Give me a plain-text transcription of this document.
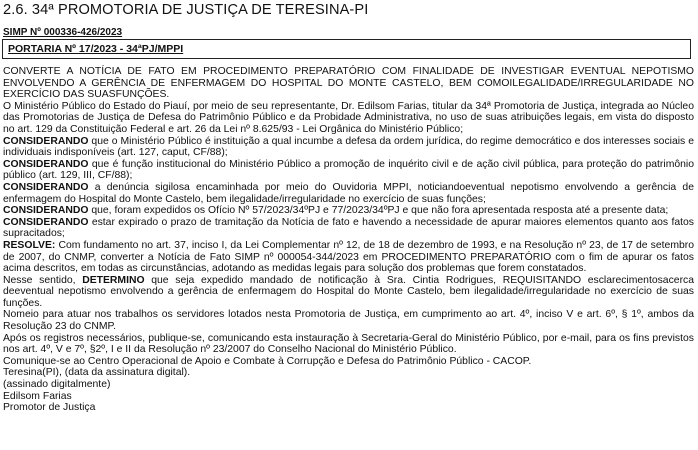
2.6. 34ª PROMOTORIA DE JUSTIÇA DE TERESINA-PI
SIMP Nº 000336-426/2023
PORTARIA Nº 17/2023 - 34ªPJ/MPPI

CONVERTE A NOTÍCIA DE FATO EM PROCEDIMENTO PREPARATÓRIO COM FINALIDADE DE INVESTIGAR EVENTUAL NEPOTISMO ENVOLVENDO A GERÊNCIA DE ENFERMAGEM DO HOSPITAL DO MONTE CASTELO, BEM COMOILEGALIDADE/IRREGULARIDADE NO EXERCÍCIO DAS SUASFUNÇÕES.

O Ministério Público do Estado do Piauí, por meio de seu representante, Dr. Edilsom Farias, titular da 34ª Promotoria de Justiça, integrada ao Núcleo das Promotorias de Justiça de Defesa do Patrimônio Público e da Probidade Administrativa, no uso de suas atribuições legais, em vista do disposto no art. 129 da Constituição Federal e art. 26 da Lei nº 8.625/93 - Lei Orgânica do Ministério Público;

CONSIDERANDO que o Ministério Público é instituição a qual incumbe a defesa da ordem jurídica, do regime democrático e dos interesses sociais e individuais indisponíveis (art. 127, caput, CF/88);

CONSIDERANDO que é função institucional do Ministério Público a promoção de inquérito civil e de ação civil pública, para proteção do patrimônio público (art. 129, III, CF/88);

CONSIDERANDO a denúncia sigilosa encaminhada por meio do Ouvidoria MPPI, noticiandoeventual nepotismo envolvendo a gerência de enfermagem do Hospital do Monte Castelo, bem ilegalidade/irregularidade no exercício de suas funções;

CONSIDERANDO que, foram expedidos os Ofício Nº 57/2023/34ºPJ e 77/2023/34ºPJ e que não fora apresentada resposta até a presente data;

CONSIDERANDO estar expirado o prazo de tramitação da Notícia de fato e havendo a necessidade de apurar maiores elementos quanto aos fatos supracitados;

RESOLVE: Com fundamento no art. 37, inciso I, da Lei Complementar nº 12, de 18 de dezembro de 1993, e na Resolução nº 23, de 17 de setembro de 2007, do CNMP, converter a Notícia de Fato SIMP nº 000054-344/2023 em PROCEDIMENTO PREPARATÓRIO com o fim de apurar os fatos acima descritos, em todas as circunstâncias, adotando as medidas legais para solução dos problemas que forem constatados.

Nesse sentido, DETERMINO que seja expedido mandado de notificação à Sra. Cintia Rodrigues, REQUISITANDO esclarecimentosacerca deeventual nepotismo envolvendo a gerência de enfermagem do Hospital do Monte Castelo, bem ilegalidade/irregularidade no exercício de suas funções.

Nomeio para atuar nos trabalhos os servidores lotados nesta Promotoria de Justiça, em cumprimento ao art. 4º, inciso V e art. 6º, § 1º, ambos da Resolução 23 do CNMP.

Após os registros necessários, publique-se, comunicando esta instauração à Secretaria-Geral do Ministério Público, por e-mail, para os fins previstos nos art. 4º, V e 7º, §2º, I e II da Resolução nº 23/2007 do Conselho Nacional do Ministério Público.

Comunique-se ao Centro Operacional de Apoio e Combate à Corrupção e Defesa do Patrimônio Público - CACOP.

Teresina(PI), (data da assinatura digital).

(assinado digitalmente)

Edilsom Farias

Promotor de Justiça
